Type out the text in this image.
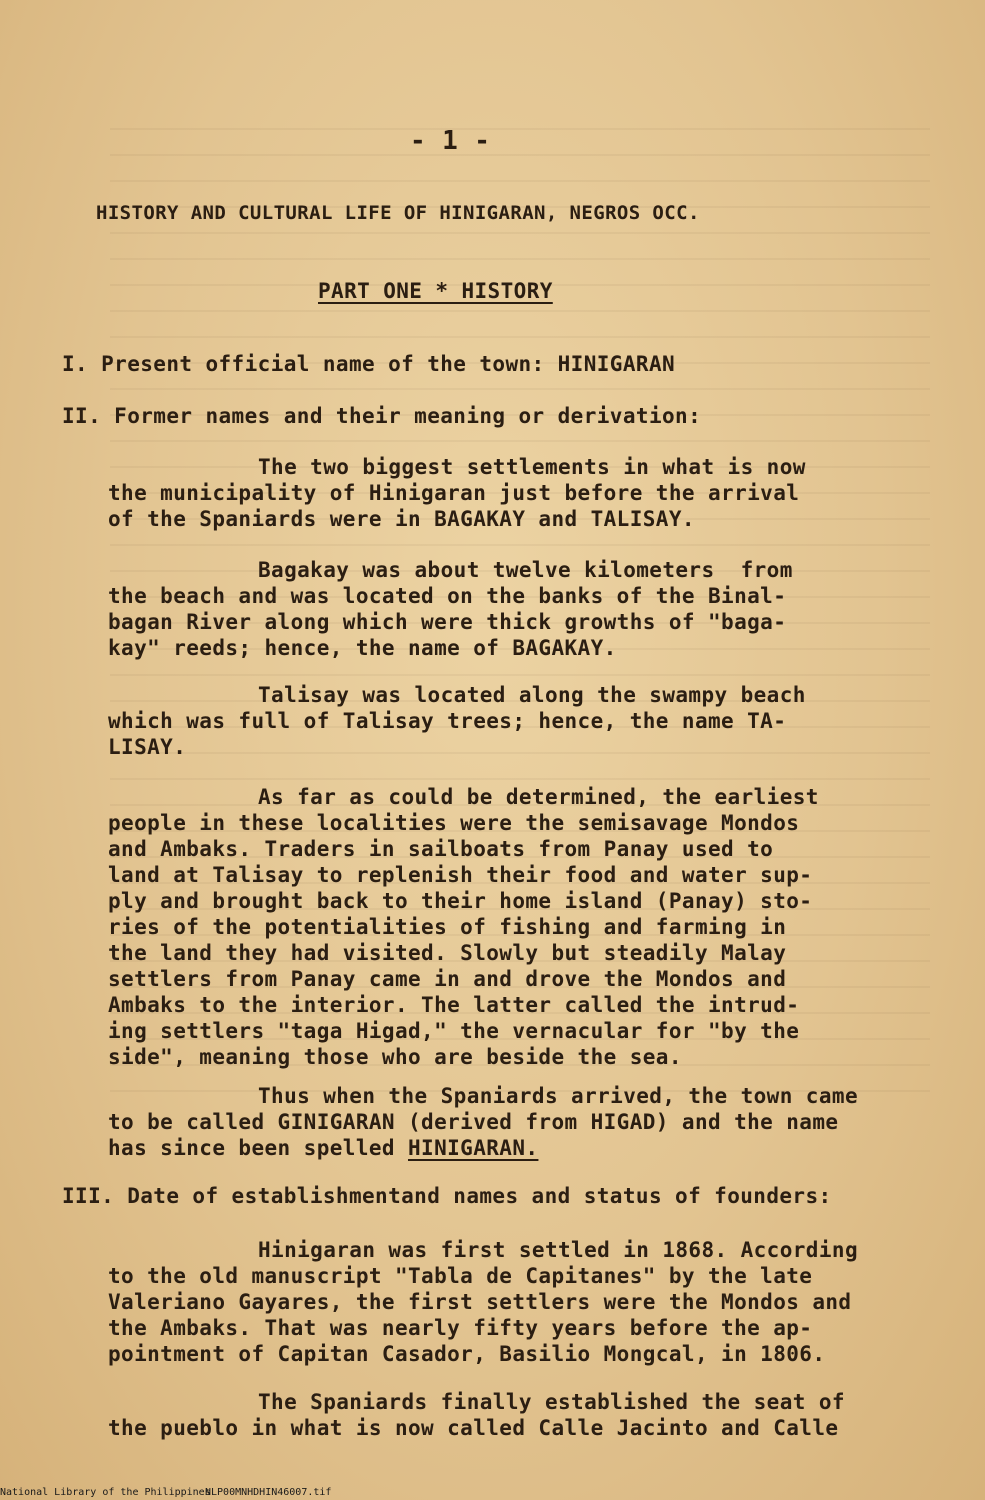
- 1 -
HISTORY AND CULTURAL LIFE OF HINIGARAN, NEGROS OCC.
PART ONE * HISTORY
I. Present official name of the town: HINIGARAN
II. Former names and their meaning or derivation:
The two biggest settlements in what is now
the municipality of Hinigaran just before the arrival
of the Spaniards were in BAGAKAY and TALISAY.
Bagakay was about twelve kilometers  from
the beach and was located on the banks of the Binal-
bagan River along which were thick growths of "baga-
kay" reeds; hence, the name of BAGAKAY.
Talisay was located along the swampy beach
which was full of Talisay trees; hence, the name TA-
LISAY.
As far as could be determined, the earliest
people in these localities were the semisavage Mondos
and Ambaks. Traders in sailboats from Panay used to
land at Talisay to replenish their food and water sup-
ply and brought back to their home island (Panay) sto-
ries of the potentialities of fishing and farming in
the land they had visited. Slowly but steadily Malay
settlers from Panay came in and drove the Mondos and
Ambaks to the interior. The latter called the intrud-
ing settlers "taga Higad," the vernacular for "by the
side", meaning those who are beside the sea.
Thus when the Spaniards arrived, the town came
to be called GINIGARAN (derived from HIGAD) and the name
has since been spelled HINIGARAN.
III. Date of establishmentand names and status of founders:
Hinigaran was first settled in 1868. According
to the old manuscript "Tabla de Capitanes" by the late
Valeriano Gayares, the first settlers were the Mondos and
the Ambaks. That was nearly fifty years before the ap-
pointment of Capitan Casador, Basilio Mongcal, in 1806.
The Spaniards finally established the seat of
the pueblo in what is now called Calle Jacinto and Calle
National Library of the Philippines
NLP00MNHDHIN46007.tif
